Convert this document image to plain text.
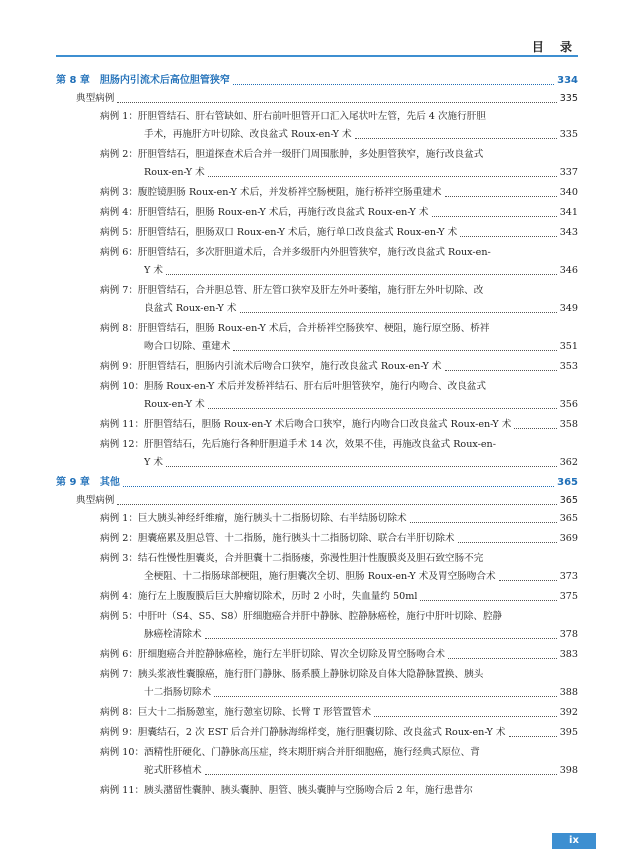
目 录
第 8 章　胆肠内引流术后高位胆管狭窄	334
典型病例	335
病例 1：肝胆管结石、肝右管缺如、肝右前叶胆管开口汇入尾状叶左管，先后 4 次施行肝胆
手术，再施肝方叶切除、改良盆式 Roux-en-Y 术	335
病例 2：肝胆管结石，胆道探查术后合并一级肝门周围胀肿，多处胆管狭窄，施行改良盆式
Roux-en-Y 术	337
病例 3：腹腔镜胆肠 Roux-en-Y 术后，并发桥袢空肠梗阻，施行桥袢空肠重建术	340
病例 4：肝胆管结石，胆肠 Roux-en-Y 术后，再施行改良盆式 Roux-en-Y 术	341
病例 5：肝胆管结石，胆肠双口 Roux-en-Y 术后，施行单口改良盆式 Roux-en-Y 术	343
病例 6：肝胆管结石，多次肝胆道术后，合并多级肝内外胆管狭窄，施行改良盆式 Roux-en-
Y 术	346
病例 7：肝胆管结石，合并胆总管、肝左管口狭窄及肝左外叶萎缩，施行肝左外叶切除、改
良盆式 Roux-en-Y 术	349
病例 8：肝胆管结石，胆肠 Roux-en-Y 术后，合并桥袢空肠狭窄、梗阻，施行原空肠、桥袢
吻合口切除、重建术	351
病例 9：肝胆管结石，胆肠内引流术后吻合口狭窄，施行改良盆式 Roux-en-Y 术	353
病例 10：胆肠 Roux-en-Y 术后并发桥袢结石、肝右后叶胆管狭窄，施行内吻合、改良盆式
Roux-en-Y 术	356
病例 11：肝胆管结石，胆肠 Roux-en-Y 术后吻合口狭窄，施行内吻合口改良盆式 Roux-en-Y 术	358
病例 12：肝胆管结石，先后施行各种肝胆道手术 14 次，效果不佳，再施改良盆式 Roux-en-
Y 术	362
第 9 章　其他	365
典型病例	365
病例 1：巨大胰头神经纤维瘤，施行胰头十二指肠切除、右半结肠切除术	365
病例 2：胆囊癌累及胆总管、十二指肠，施行胰头十二指肠切除、联合右半肝切除术	369
病例 3：结石性慢性胆囊炎，合并胆囊十二指肠瘘，弥漫性胆汁性腹膜炎及胆石致空肠不完
全梗阻、十二指肠球部梗阻，施行胆囊次全切、胆肠 Roux-en-Y 术及胃空肠吻合术	373
病例 4：施行左上腹腹膜后巨大肿瘤切除术，历时 2 小时，失血量约 50ml	375
病例 5：中肝叶（S4、S5、S8）肝细胞癌合并肝中静脉、腔静脉癌栓，施行中肝叶切除、腔静
脉癌栓清除术	378
病例 6：肝细胞癌合并腔静脉癌栓，施行左半肝切除、胃次全切除及胃空肠吻合术	383
病例 7：胰头浆液性囊腺癌，施行肝门静脉、肠系膜上静脉切除及自体大隐静脉置换、胰头
十二指肠切除术	388
病例 8：巨大十二指肠憩室，施行憩室切除、长臂 T 形管置管术	392
病例 9：胆囊结石，2 次 EST 后合并门静脉海绵样变，施行胆囊切除、改良盆式 Roux-en-Y 术	395
病例 10：酒精性肝硬化、门静脉高压症，终末期肝病合并肝细胞癌，施行经典式原位、背
驼式肝移植术	398
病例 11：胰头潴留性囊肿、胰头囊肿、胆管、胰头囊肿与空肠吻合后 2 年，施行患普尔
ix
